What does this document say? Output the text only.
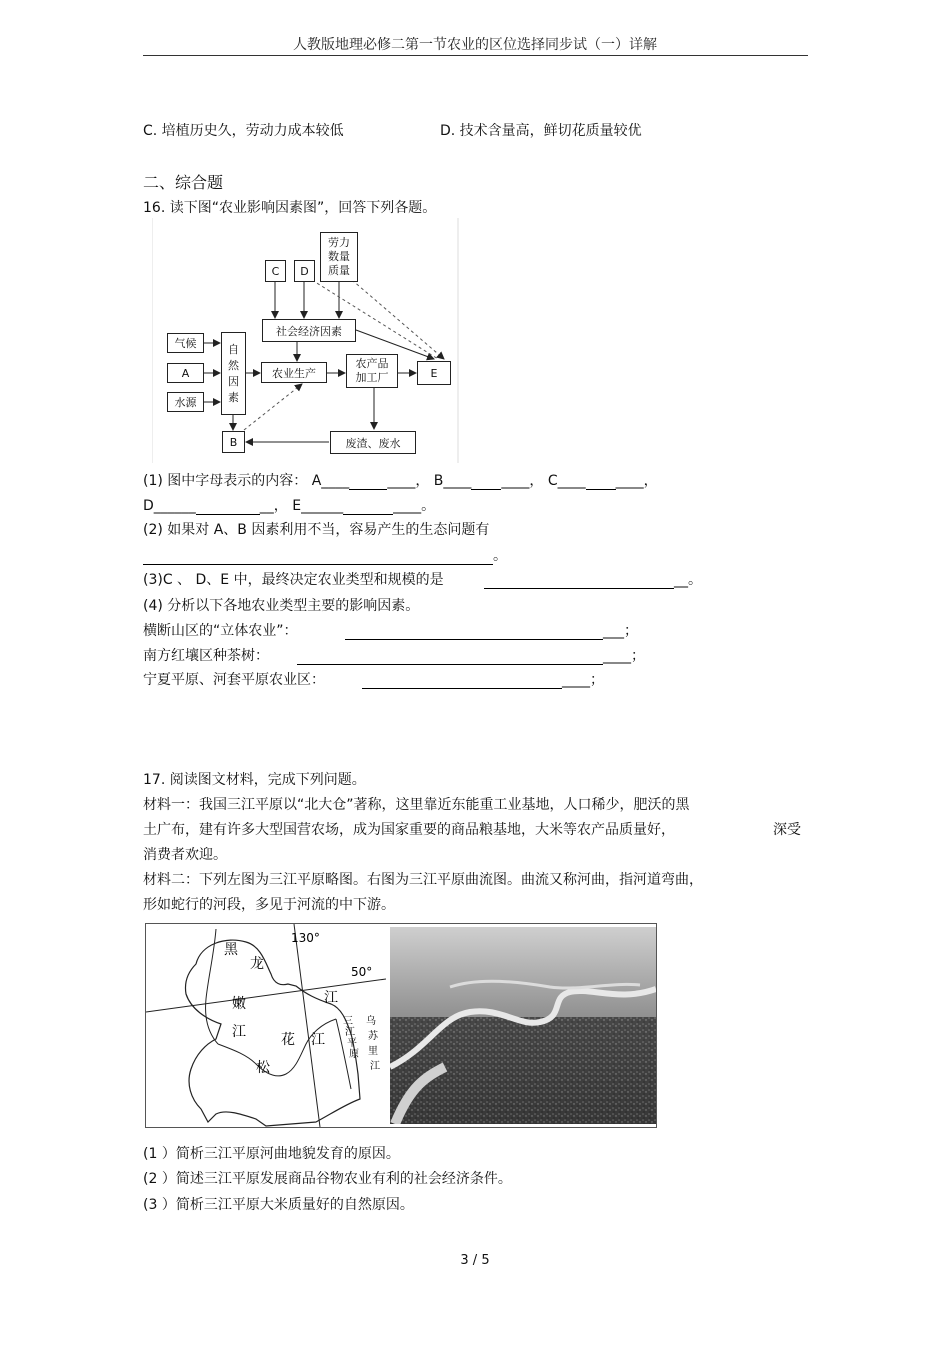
人教版地理必修二第一节农业的区位选择同步试（一）详解
C. 培植历史久，劳动力成本较低	D. 技术含量高，鲜切花质量较优
二、综合题
16. 读下图“农业影响因素图”，回答下列各题。
C	D
劳力
数量
质量
社会经济因素
气候
A
水源
自
然
因
素
农业生产
农产品
加工厂	E
B	废渣、废水
(1) 图中字母表示的内容： A____	____， B____ ____， C____ ____，
D______	__， E______	____。
(2) 如果对 A、B 因素利用不当，容易产生的生态问题有
。
(3)C 、 D、E 中，最终决定农业类型和规模的是	__。
(4) 分析以下各地农业类型主要的影响因素。
横断山区的“立体农业”：	___；
南方红壤区种茶树：	____；
宁夏平原、河套平原农业区：	____；
17. 阅读图文材料，完成下列问题。
材料一：我国三江平原以“北大仓”著称，这里靠近东能重工业基地，人口稀少，肥沃的黑
土广布，建有许多大型国营农场，成为国家重要的商品粮基地，大米等农产品质量好，	深受
消费者欢迎。
材料二：下列左图为三江平原略图。右图为三江平原曲流图。曲流又称河曲，指河道弯曲，
形如蛇行的河段，多见于河流的中下游。
130°
50°
黑
龙
江
嫩
江
松
花 江
三 江 平 原
乌 苏 里 江
(1 ）简析三江平原河曲地貌发育的原因。
(2 ）简述三江平原发展商品谷物农业有利的社会经济条件。
(3 ）简析三江平原大米质量好的自然原因。
3 / 5
